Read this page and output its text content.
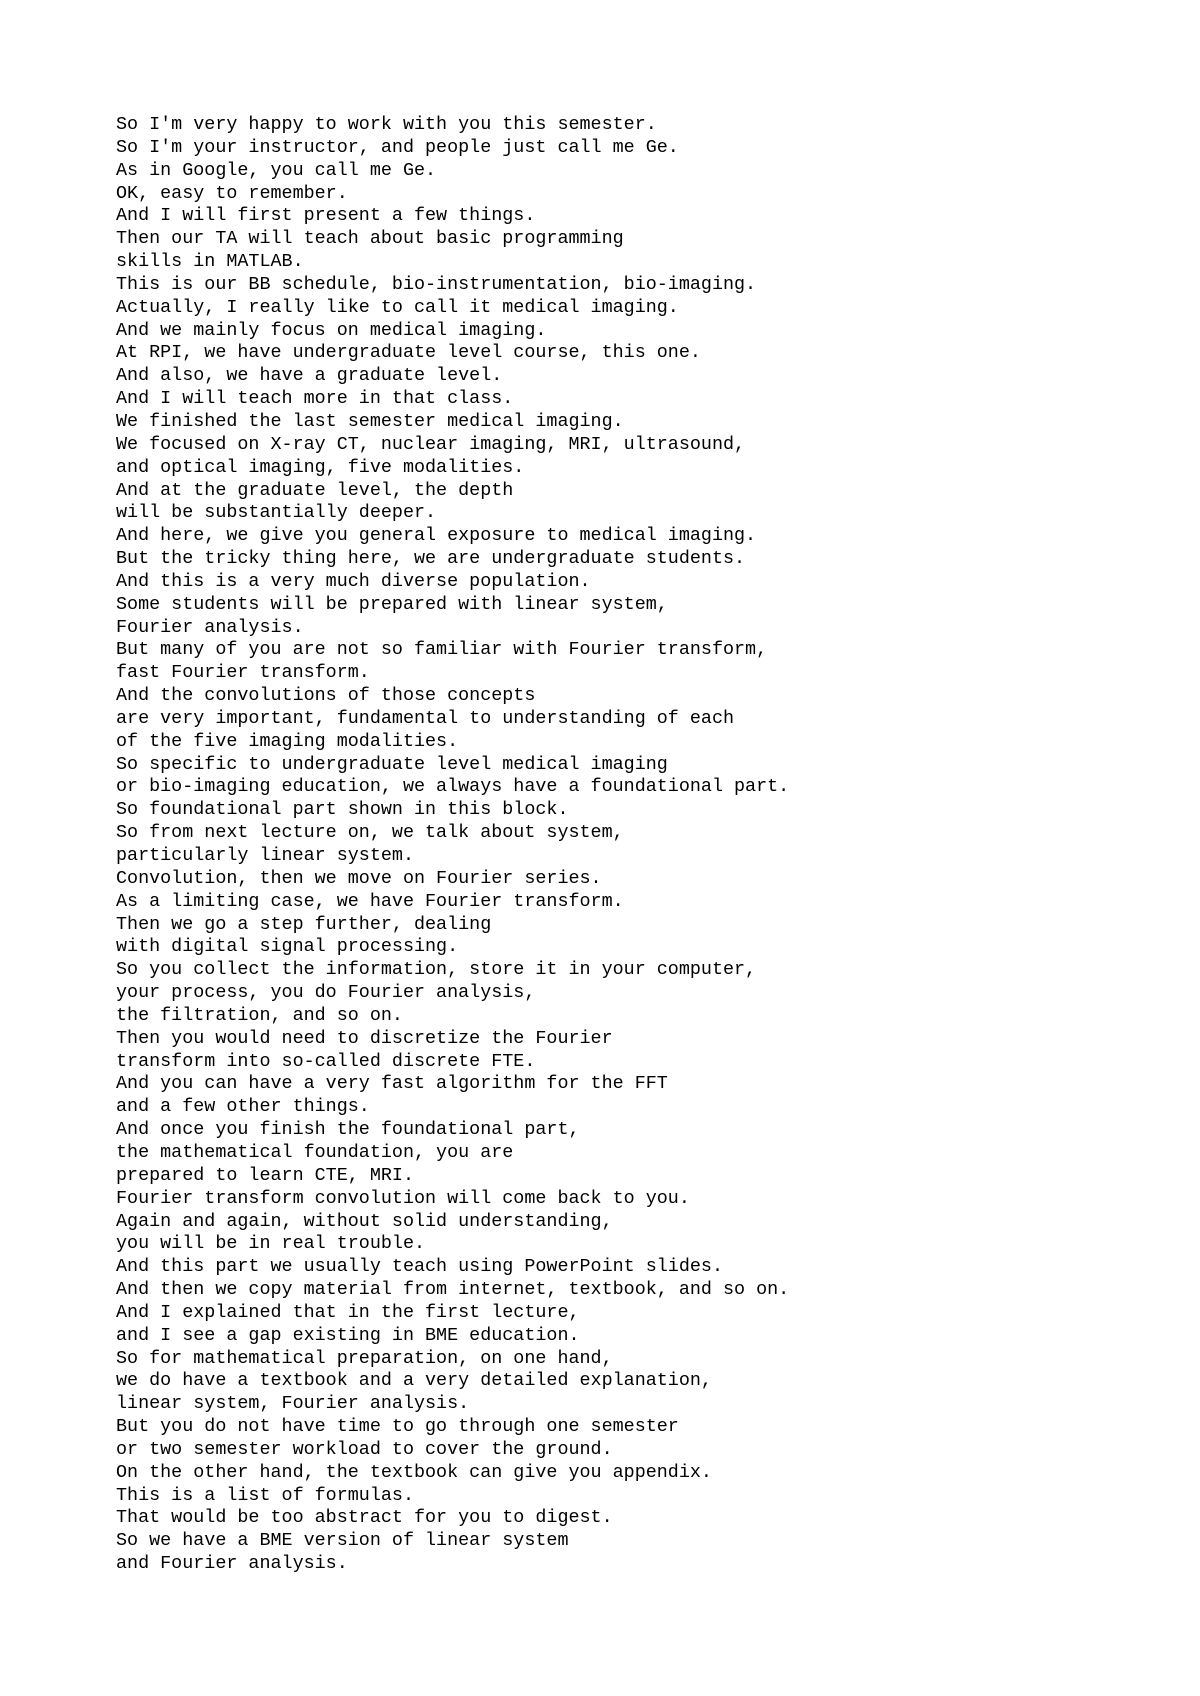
So I'm very happy to work with you this semester.
So I'm your instructor, and people just call me Ge.
As in Google, you call me Ge.
OK, easy to remember.
And I will first present a few things.
Then our TA will teach about basic programming
skills in MATLAB.
This is our BB schedule, bio-instrumentation, bio-imaging.
Actually, I really like to call it medical imaging.
And we mainly focus on medical imaging.
At RPI, we have undergraduate level course, this one.
And also, we have a graduate level.
And I will teach more in that class.
We finished the last semester medical imaging.
We focused on X-ray CT, nuclear imaging, MRI, ultrasound,
and optical imaging, five modalities.
And at the graduate level, the depth
will be substantially deeper.
And here, we give you general exposure to medical imaging.
But the tricky thing here, we are undergraduate students.
And this is a very much diverse population.
Some students will be prepared with linear system,
Fourier analysis.
But many of you are not so familiar with Fourier transform,
fast Fourier transform.
And the convolutions of those concepts
are very important, fundamental to understanding of each
of the five imaging modalities.
So specific to undergraduate level medical imaging
or bio-imaging education, we always have a foundational part.
So foundational part shown in this block.
So from next lecture on, we talk about system,
particularly linear system.
Convolution, then we move on Fourier series.
As a limiting case, we have Fourier transform.
Then we go a step further, dealing
with digital signal processing.
So you collect the information, store it in your computer,
your process, you do Fourier analysis,
the filtration, and so on.
Then you would need to discretize the Fourier
transform into so-called discrete FTE.
And you can have a very fast algorithm for the FFT
and a few other things.
And once you finish the foundational part,
the mathematical foundation, you are
prepared to learn CTE, MRI.
Fourier transform convolution will come back to you.
Again and again, without solid understanding,
you will be in real trouble.
And this part we usually teach using PowerPoint slides.
And then we copy material from internet, textbook, and so on.
And I explained that in the first lecture,
and I see a gap existing in BME education.
So for mathematical preparation, on one hand,
we do have a textbook and a very detailed explanation,
linear system, Fourier analysis.
But you do not have time to go through one semester
or two semester workload to cover the ground.
On the other hand, the textbook can give you appendix.
This is a list of formulas.
That would be too abstract for you to digest.
So we have a BME version of linear system
and Fourier analysis.
